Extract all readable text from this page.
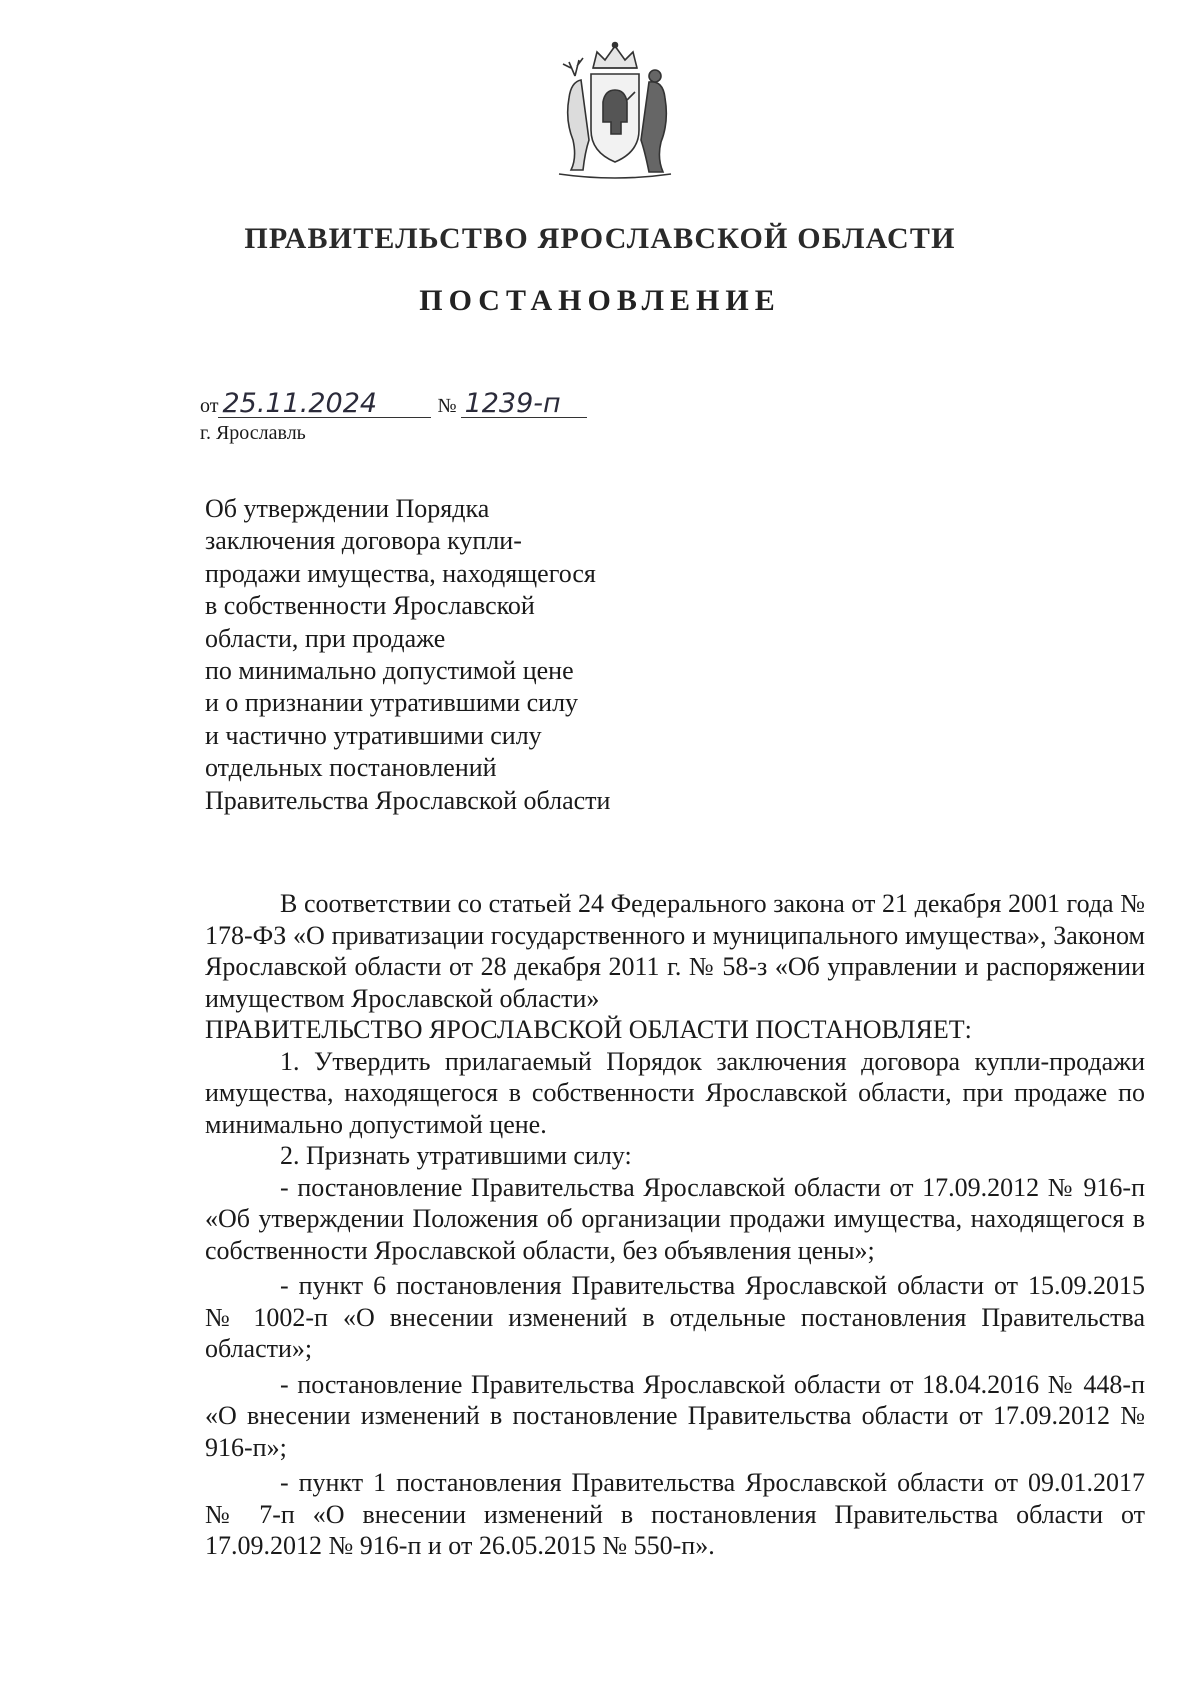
ПРАВИТЕЛЬСТВО ЯРОСЛАВСКОЙ ОБЛАСТИ
ПОСТАНОВЛЕНИЕ
от 25.11.2024	№ 1239-п
г. Ярославль
Об утверждении Порядка
заключения договора купли-
продажи имущества, находящегося
в собственности Ярославской
области, при продаже
по минимально допустимой цене
и о признании утратившими силу
и частично утратившими силу
отдельных постановлений
Правительства Ярославской области

В соответствии со статьей 24 Федерального закона от 21 декабря 2001 года № 178-ФЗ «О приватизации государственного и муниципального имущества», Законом Ярославской области от 28 декабря 2011 г. № 58-з «Об управлении и распоряжении имуществом Ярославской области»

ПРАВИТЕЛЬСТВО ЯРОСЛАВСКОЙ ОБЛАСТИ ПОСТАНОВЛЯЕТ:

1. Утвердить прилагаемый Порядок заключения договора купли-продажи имущества, находящегося в собственности Ярославской области, при продаже по минимально допустимой цене.

2. Признать утратившими силу:

- постановление Правительства Ярославской области от 17.09.2012 № 916-п «Об утверждении Положения об организации продажи имущества, находящегося в собственности Ярославской области, без объявления цены»;

- пункт 6 постановления Правительства Ярославской области от 15.09.2015 № 1002-п «О внесении изменений в отдельные постановления Правительства области»;

- постановление Правительства Ярославской области от 18.04.2016 № 448-п «О внесении изменений в постановление Правительства области от 17.09.2012 № 916-п»;

- пункт 1 постановления Правительства Ярославской области от 09.01.2017 № 7-п «О внесении изменений в постановления Правительства области от 17.09.2012 № 916-п и от 26.05.2015 № 550-п».
